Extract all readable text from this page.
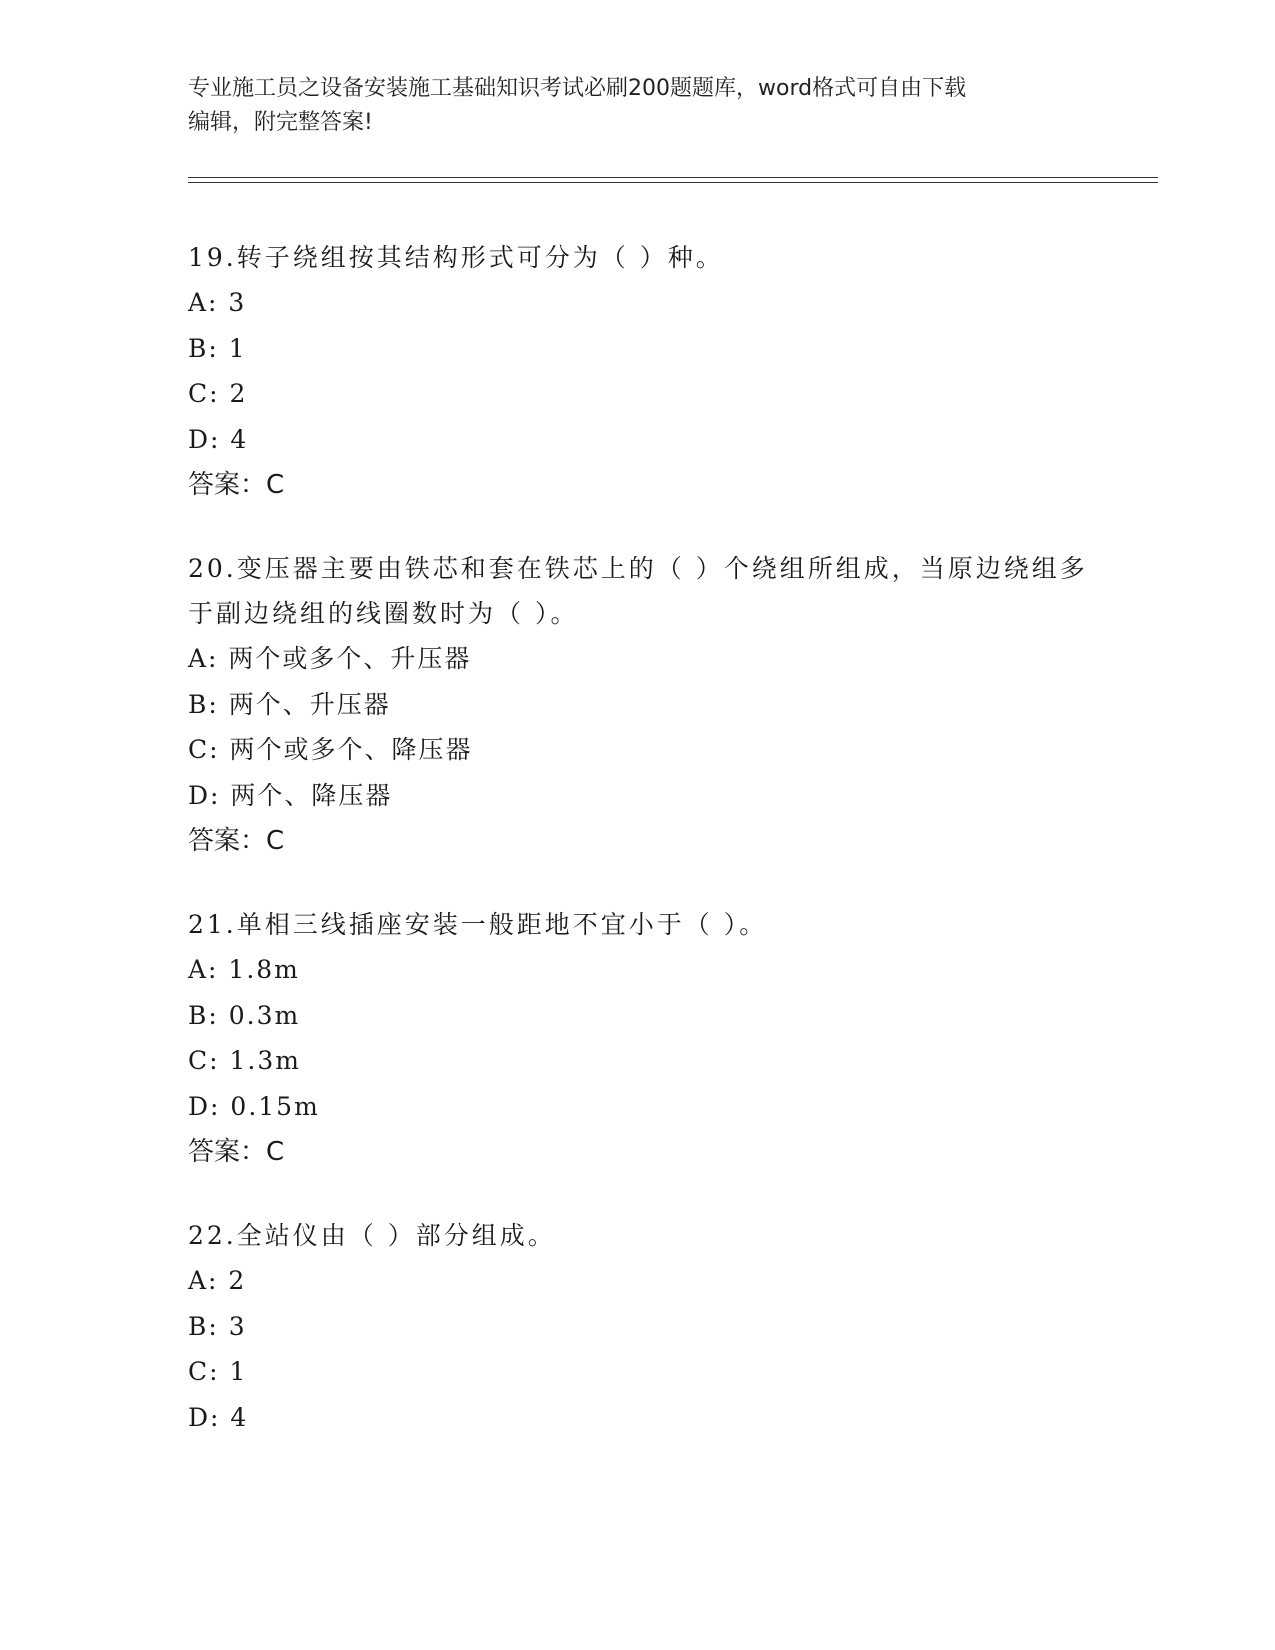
专业施工员之设备安装施工基础知识考试必刷200题题库，word格式可自由下载
编辑，附完整答案!

19.转子绕组按其结构形式可分为（ ）种。

A: 3

B: 1

C: 2

D: 4

答案：C

20.变压器主要由铁芯和套在铁芯上的（ ）个绕组所组成，当原边绕组多于副边绕组的线圈数时为（ ）。

A: 两个或多个、升压器

B: 两个、升压器

C: 两个或多个、降压器

D: 两个、降压器

答案：C

21.单相三线插座安装一般距地不宜小于（ ）。

A: 1.8m

B: 0.3m

C: 1.3m

D: 0.15m

答案：C

22.全站仪由（ ）部分组成。

A: 2

B: 3

C: 1

D: 4
